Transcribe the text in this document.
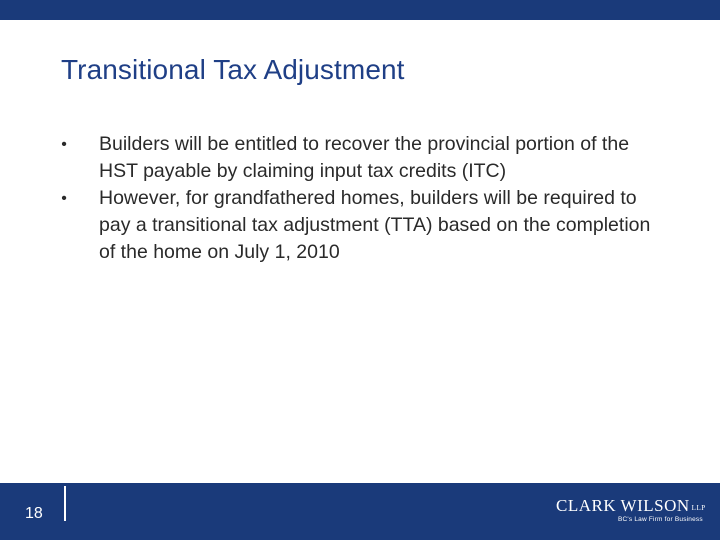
Transitional Tax Adjustment
• Builders will be entitled to recover the provincial portion of the HST payable by claiming input tax credits (ITC)
• However, for grandfathered homes, builders will be required to pay a transitional tax adjustment (TTA) based on the completion of the home on July 1, 2010
18	CLARK WILSON LLP
BC's Law Firm for Business
